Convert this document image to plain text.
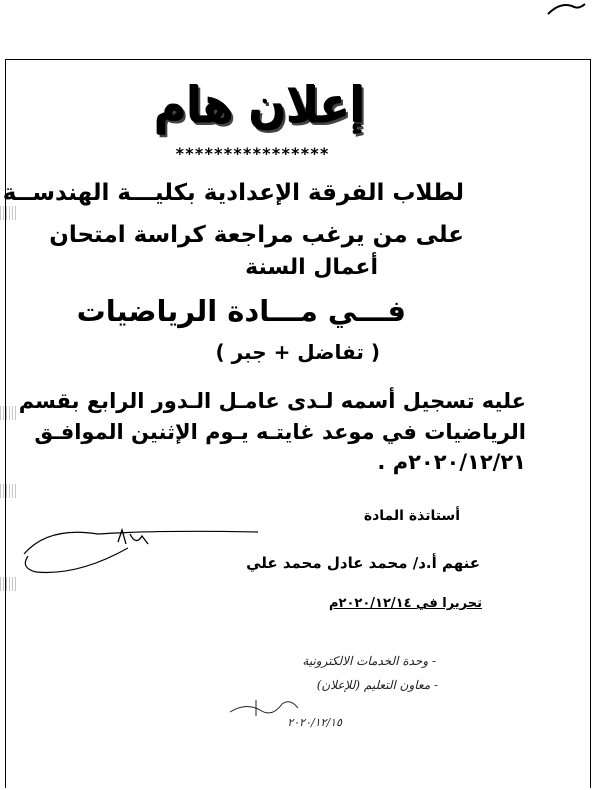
إعلان هام
****************
لطلاب الفرقة الإعدادية بكليـــة الهندســة
على من يرغب مراجعة كراسة امتحان
أعمال السنة
فـــي مـــادة الرياضيات
( تفاضل + جبر )
عليه تسجيل أسمه لـدى عامـل الـدور الرابع بقسم
الرياضيات في موعد غايتـه يـوم الإثنين الموافـق
٢٠٢٠/١٢/٢١م .
أستاتذة المادة
عنهم أ.د/ محمد عادل محمد علي
تحريرا في ٢٠٢٠/١٢/١٤م
- وحدة الخدمات الالكترونية
- معاون التعليم (للإعلان)
٢٠٢٠/١٢/١٥
